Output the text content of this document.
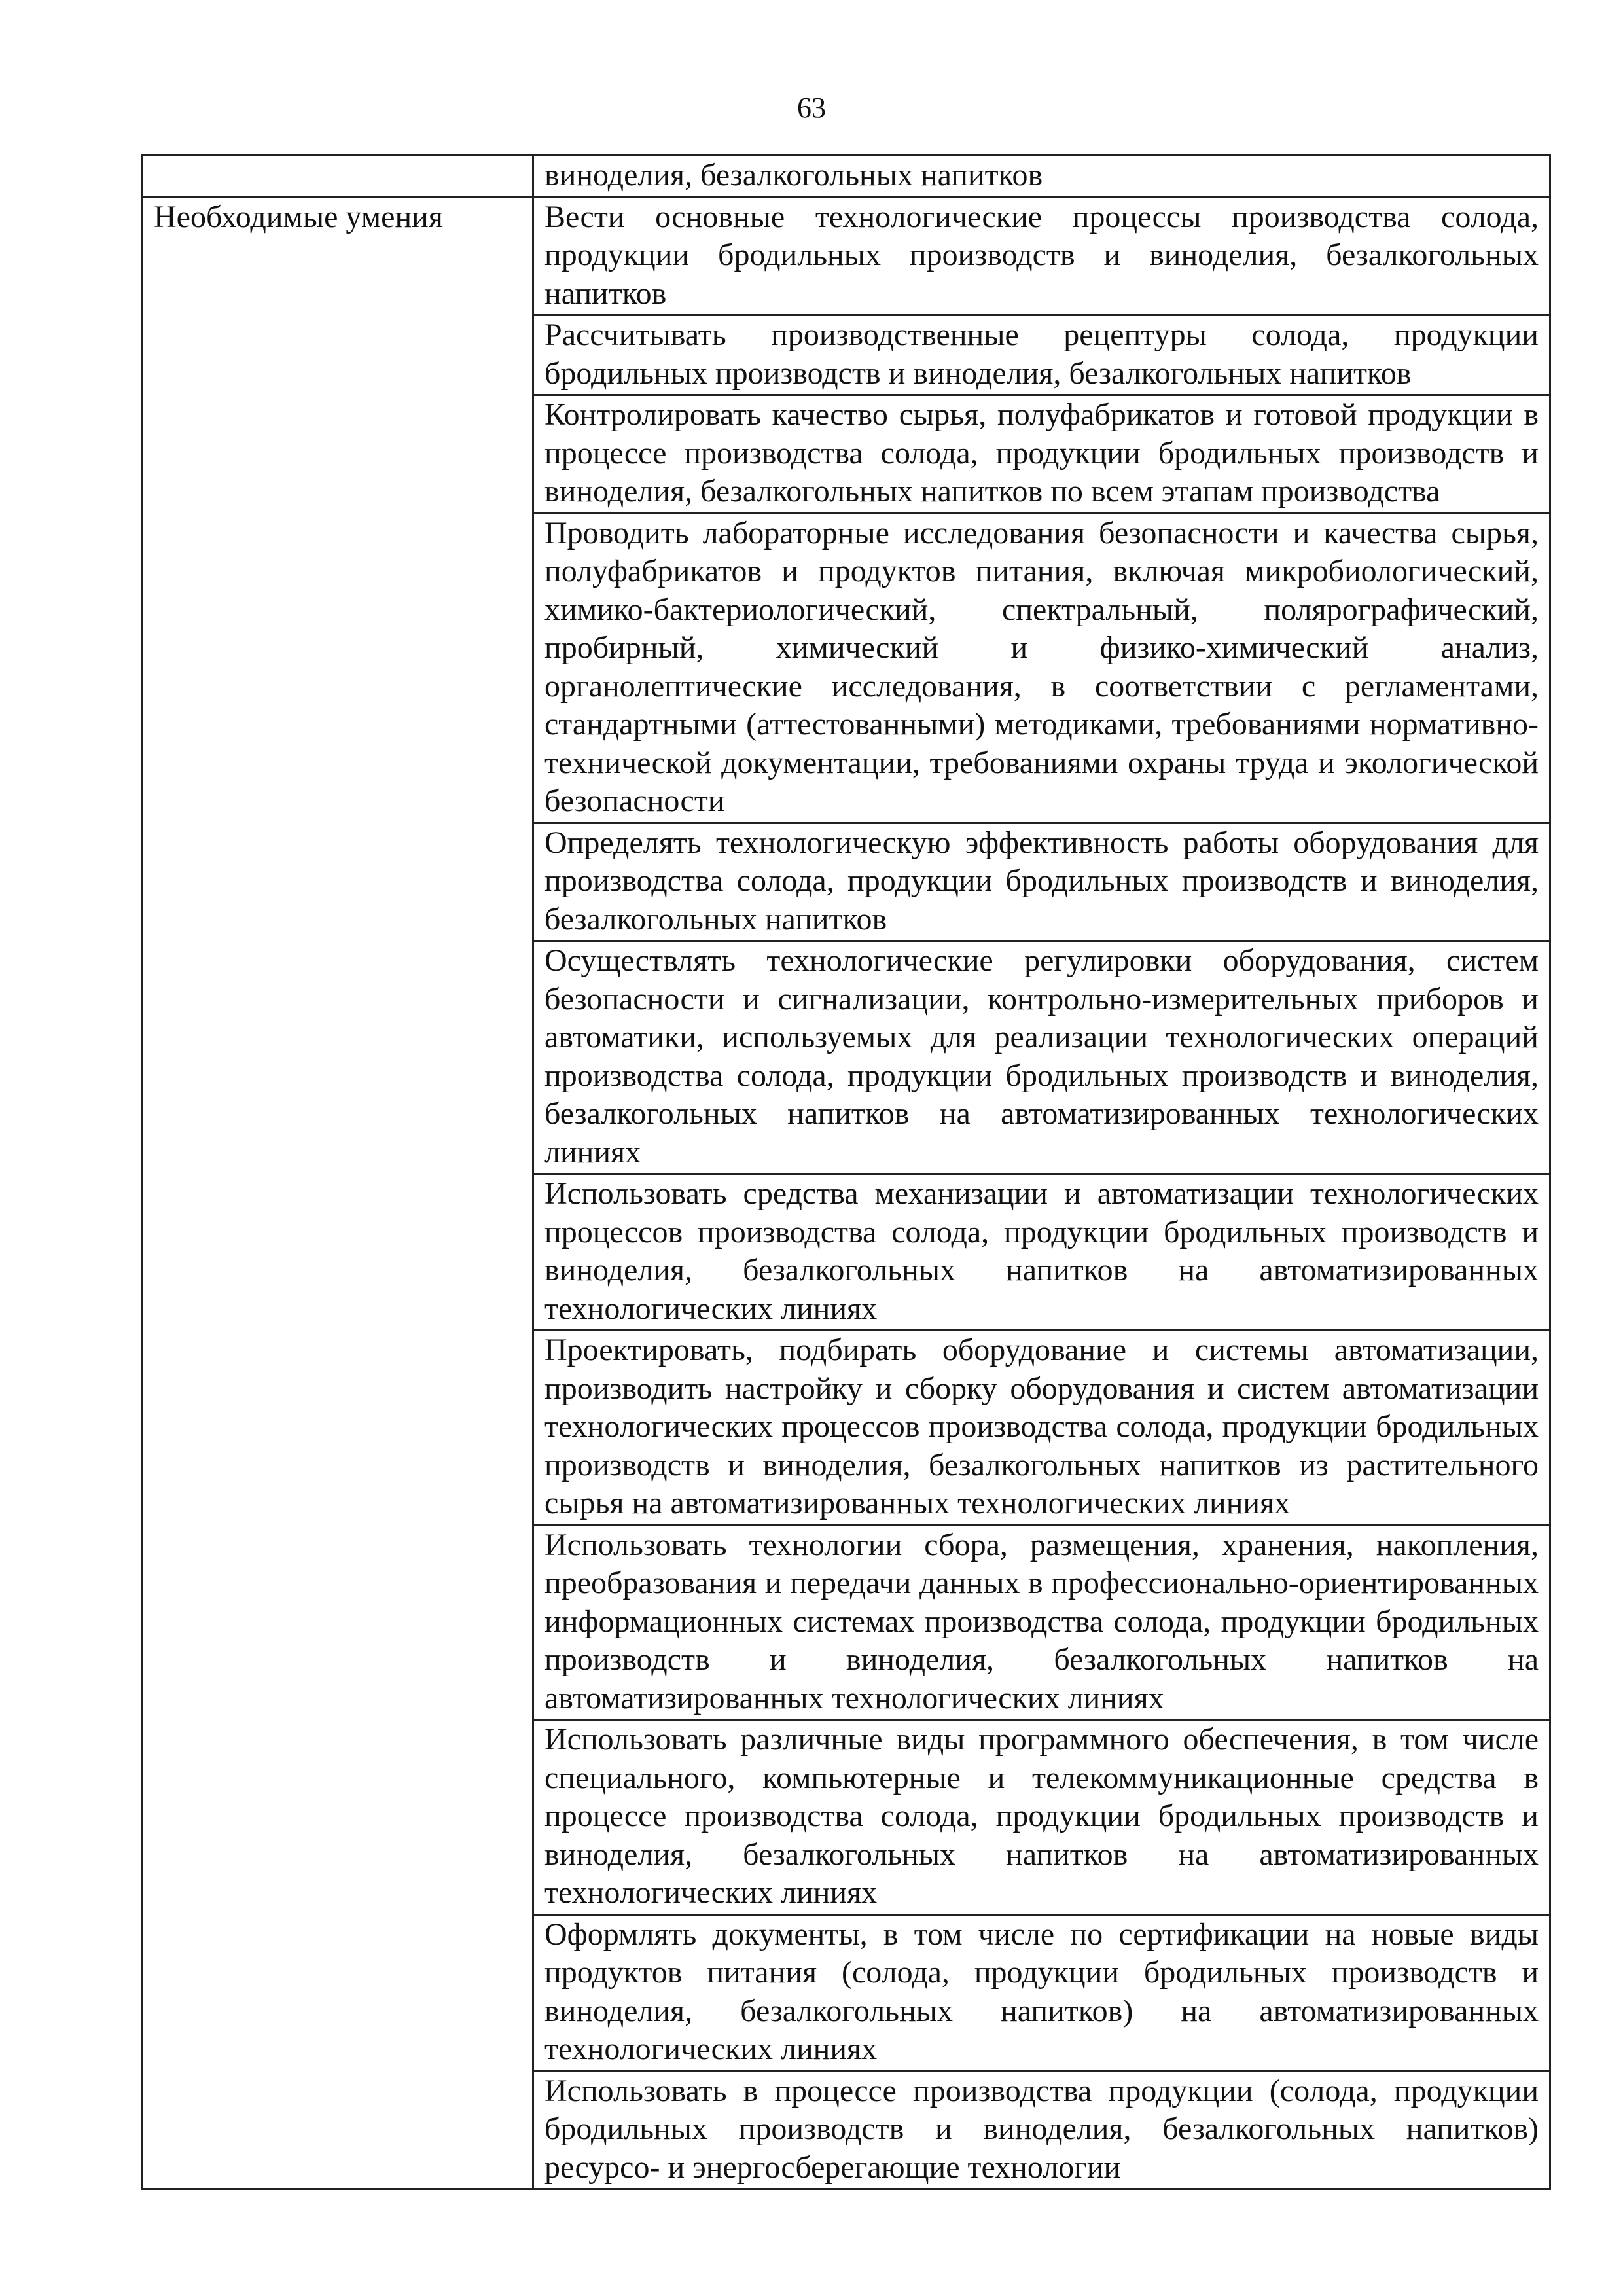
63
	виноделия, безалкогольных напитков
Необходимые умения	Вести основные технологические процессы производства солода, продукции бродильных производств и виноделия, безалкогольных напитков
	Рассчитывать производственные рецептуры солода, продукции бродильных производств и виноделия, безалкогольных напитков
	Контролировать качество сырья, полуфабрикатов и готовой продукции в процессе производства солода, продукции бродильных производств и виноделия, безалкогольных напитков по всем этапам производства
	Проводить лабораторные исследования безопасности и качества сырья, полуфабрикатов и продуктов питания, включая микробиологический, химико-бактериологический, спектральный, полярографический, пробирный, химический и физико-химический анализ, органолептические исследования, в соответствии с регламентами, стандартными (аттестованными) методиками, требованиями нормативно-технической документации, требованиями охраны труда и экологической безопасности
	Определять технологическую эффективность работы оборудования для производства солода, продукции бродильных производств и виноделия, безалкогольных напитков
	Осуществлять технологические регулировки оборудования, систем безопасности и сигнализации, контрольно-измерительных приборов и автоматики, используемых для реализации технологических операций производства солода, продукции бродильных производств и виноделия, безалкогольных напитков на автоматизированных технологических линиях
	Использовать средства механизации и автоматизации технологических процессов производства солода, продукции бродильных производств и виноделия, безалкогольных напитков на автоматизированных технологических линиях
	Проектировать, подбирать оборудование и системы автоматизации, производить настройку и сборку оборудования и систем автоматизации технологических процессов производства солода, продукции бродильных производств и виноделия, безалкогольных напитков из растительного сырья на автоматизированных технологических линиях
	Использовать технологии сбора, размещения, хранения, накопления, преобразования и передачи данных в профессионально-ориентированных информационных системах производства солода, продукции бродильных производств и виноделия, безалкогольных напитков на автоматизированных технологических линиях
	Использовать различные виды программного обеспечения, в том числе специального, компьютерные и телекоммуникационные средства в процессе производства солода, продукции бродильных производств и виноделия, безалкогольных напитков на автоматизированных технологических линиях
	Оформлять документы, в том числе по сертификации на новые виды продуктов питания (солода, продукции бродильных производств и виноделия, безалкогольных напитков) на автоматизированных технологических линиях
	Использовать в процессе производства продукции (солода, продукции бродильных производств и виноделия, безалкогольных напитков) ресурсо- и энергосберегающие технологии
